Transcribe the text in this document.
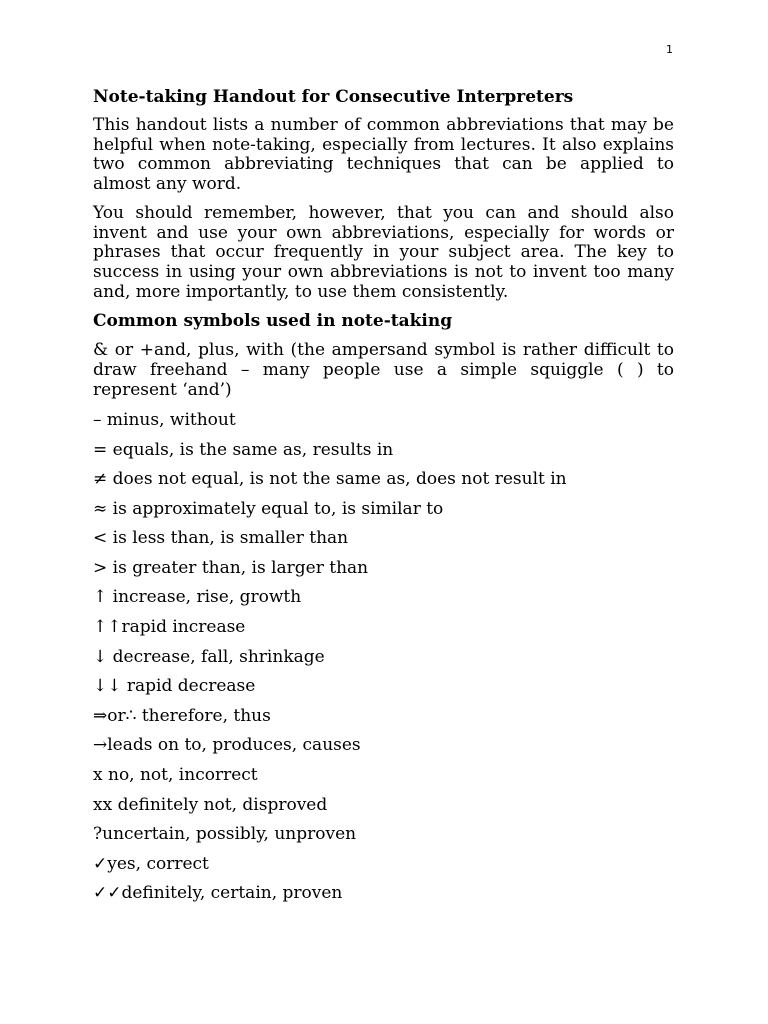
1
Note-taking Handout for Consecutive Interpreters

This handout lists a number of common abbreviations that may be helpful when note-taking, especially from lectures. It also explains two common abbreviating techniques that can be applied to almost any word.

You should remember, however, that you can and should also invent and use your own abbreviations, especially for words or phrases that occur frequently in your subject area. The key to success in using your own abbreviations is not to invent too many and, more importantly, to use them consistently.

Common symbols used in note-taking
& or +and, plus, with (the ampersand symbol is rather difficult to draw freehand – many people use a simple squiggle ( ) to represent ‘and’)
– minus, without
= equals, is the same as, results in
≠ does not equal, is not the same as, does not result in
≈ is approximately equal to, is similar to
< is less than, is smaller than
> is greater than, is larger than
↑ increase, rise, growth
↑↑rapid increase
↓ decrease, fall, shrinkage
↓↓ rapid decrease
⇒or∴ therefore, thus
→leads on to, produces, causes
x no, not, incorrect
xx definitely not, disproved
?uncertain, possibly, unproven
✓yes, correct
✓✓definitely, certain, proven
